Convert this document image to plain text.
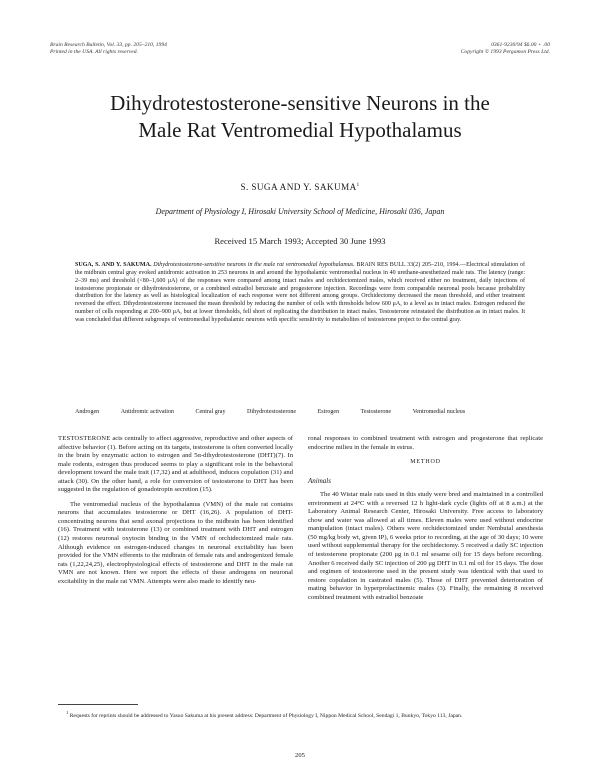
Brain Research Bulletin, Vol. 33, pp. 205–210, 1994
Printed in the USA. All rights reserved.
0361-9230/94 $6.00 + .00
Copyright © 1993 Pergamon Press Ltd.
Dihydrotestosterone-sensitive Neurons in the
Male Rat Ventromedial Hypothalamus
S. SUGA AND Y. SAKUMA$^1$
Department of Physiology I, Hirosaki University School of Medicine, Hirosaki 036, Japan
Received 15 March 1993; Accepted 30 June 1993

SUGA, S. AND Y. SAKUMA. Dihydrotestosterone-sensitive neurons in the male rat ventromedial hypothalamus. BRAIN RES BULL 33(2) 205–210, 1994.—Electrical stimulation of the midbrain central gray evoked antidromic activation in 253 neurons in and around the hypothalamic ventromedial nucleus in 40 urethane-anesthetized male rats. The latency (range: 2–39 ms) and threshold (<80–1,600 μA) of the responses were compared among intact males and orchidectomized males, which received either no treatment, daily injections of testosterone propionate or dihydrotestosterone, or a combined estradiol benzoate and progesterone injection. Recordings were from comparable neuronal pools because probability distribution for the latency as well as histological localization of each response were not different among groups. Orchidectomy decreased the mean threshold, and either treatment reversed the effect. Dihydrotestosterone increased the mean threshold by reducing the number of cells with thresholds below 600 μA, to a level as in intact males. Estrogen reduced the number of cells responding at 200–900 μA, but at lower thresholds, fell short of replicating the distribution in intact males. Testosterone reinstated the distribution as in intact males. It was concluded that different subgroups of ventromedial hypothalamic neurons with specific sensitivity to metabolites of testosterone project to the central gray.

Androgen	Antidromic activation	Central gray	Dihydrotestosterone	Estrogen	Testosterone	Ventromedial nucleus

TESTOSTERONE acts centrally to affect aggressive, reproductive and other aspects of affective behavior (1). Before acting on its targets, testosterone is often converted locally in the brain by enzymatic action to estrogen and 5α-dihydrotestosterone (DHT)(7). In male rodents, estrogen thus produced seems to play a significant role in the behavioral development toward the male trait (17,32) and at adulthood, induces copulation (31) and attack (30). On the other hand, a role for conversion of testosterone to DHT has been suggested in the regulation of gonadotropin secretion (15).

The ventromedial nucleus of the hypothalamus (VMN) of the male rat contains neurons that accumulates testosterone or DHT (16,26). A population of DHT-concentrating neurons that send axonal projections to the midbrain has been identified (16). Treatment with testosterone (13) or combined treatment with DHT and estrogen (12) restores neuronal oxytocin binding in the VMN of orchidectomized male rats. Although evidence on estrogen-induced changes in neuronal excitability has been provided for the VMN efferents to the midbrain of female rats and androgenized female rats (1,22,24,25), electrophysiological effects of testosterone and DHT in the male rat VMN are not known. Here we report the effects of these androgens on neuronal excitability in the male rat VMN. Attempts were also made to identify neu-

ronal responses to combined treatment with estrogen and progesterone that replicate endocrine milieu in the female in estrus.

METHOD
Animals

The 40 Wistar male rats used in this study were bred and maintained in a controlled environment at 24°C with a reversed 12 h light-dark cycle (lights off at 8 a.m.) at the Laboratory Animal Research Center, Hirosaki University. Free access to laboratory chow and water was allowed at all times. Eleven males were used without endocrine manipulation (intact males). Others were orchidectomized under Nembutal anesthesia (50 mg/kg body wt, given IP), 6 weeks prior to recording, at the age of 30 days; 10 were used without supplemental therapy for the orchidectomy. 5 received a daily SC injection of testosterone propionate (200 μg in 0.1 ml sesame oil) for 15 days before recording. Another 6 received daily SC injection of 200 μg DHT in 0.1 ml oil for 15 days. The dose and regimen of testosterone used in the present study was identical with that used to restore copulation in castrated males (5). Those of DHT prevented deterioration of mating behavior in hyperprolactinemic males (3). Finally, the remaining 8 received combined treatment with estradiol benzoate

$^1$ Requests for reprints should be addressed to Yasuo Sakuma at his present address: Department of Physiology I, Nippon Medical School, Sendagi 1, Bunkyo, Tokyo 113, Japan.
205
